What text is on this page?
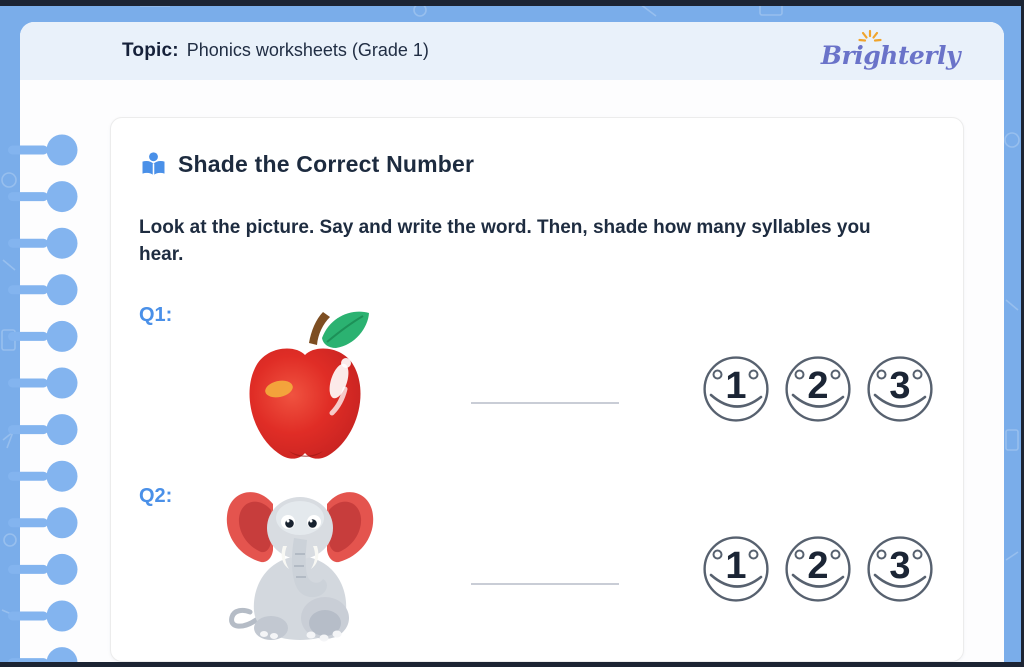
Topic: Phonics worksheets (Grade 1)	Brighterly
Shade the Correct Number

Look at the picture. Say and write the word. Then, shade how many syllables you hear.

Q1:
1	2	3
Q2:
1	2	3
